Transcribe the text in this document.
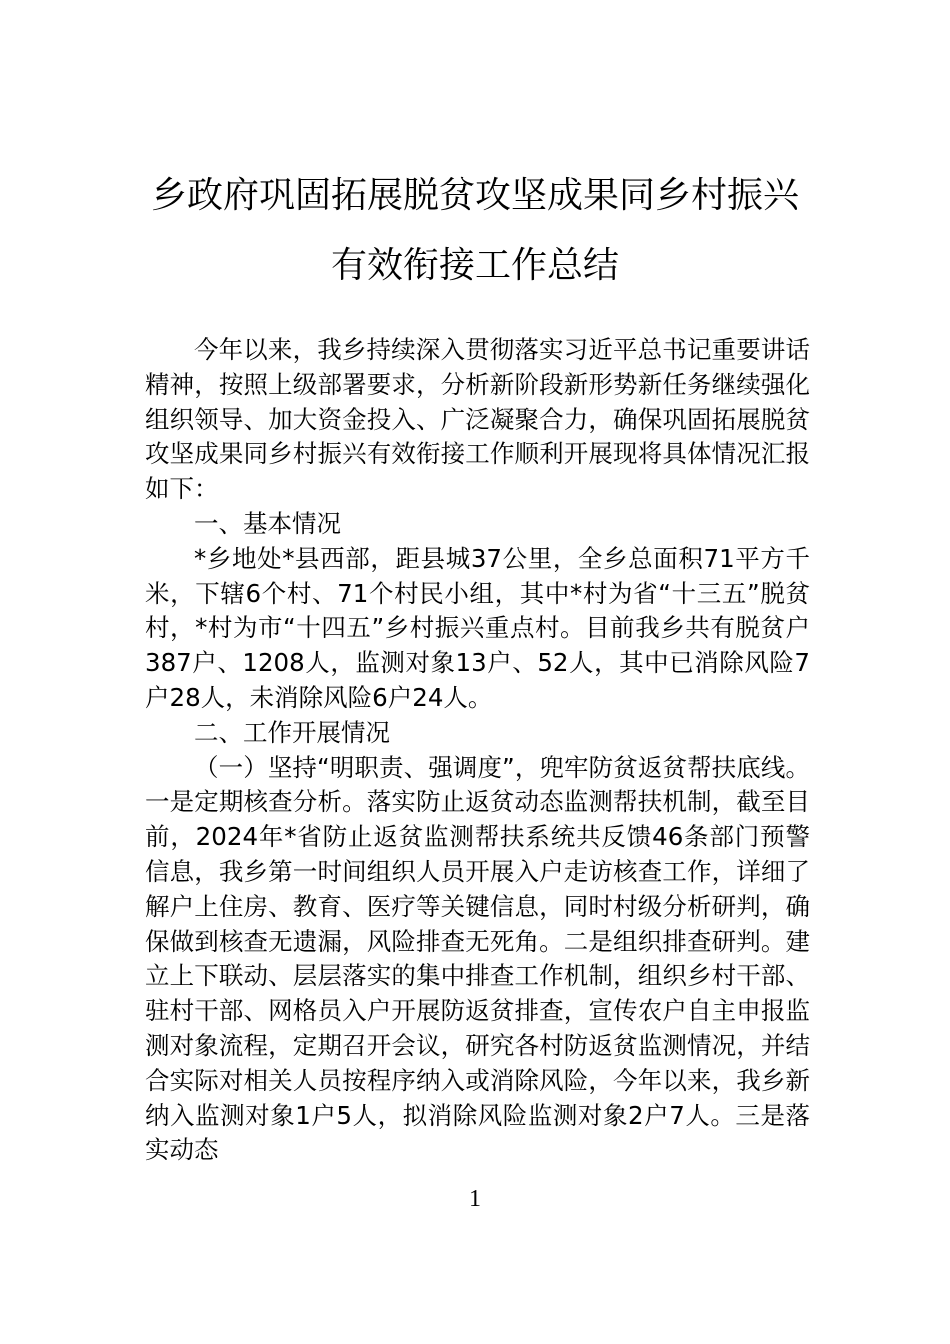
乡政府巩固拓展脱贫攻坚成果同乡村振兴
有效衔接工作总结

今年以来，我乡持续深入贯彻落实习近平总书记重要讲话精神，按照上级部署要求，分析新阶段新形势新任务继续强化组织领导、加大资金投入、广泛凝聚合力，确保巩固拓展脱贫攻坚成果同乡村振兴有效衔接工作顺利开展现将具体情况汇报如下：

一、基本情况

*乡地处*县西部，距县城37公里，全乡总面积71平方千米，下辖6个村、71个村民小组，其中*村为省“十三五”脱贫村，*村为市“十四五”乡村振兴重点村。目前我乡共有脱贫户387户、1208人，监测对象13户、52人，其中已消除风险7户28人，未消除风险6户24人。

二、工作开展情况

（一）坚持“明职责、强调度”，兜牢防贫返贫帮扶底线。一是定期核查分析。落实防止返贫动态监测帮扶机制，截至目前，2024年*省防止返贫监测帮扶系统共反馈46条部门预警信息，我乡第一时间组织人员开展入户走访核查工作，详细了解户上住房、教育、医疗等关键信息，同时村级分析研判，确保做到核查无遗漏，风险排查无死角。二是组织排查研判。建立上下联动、层层落实的集中排查工作机制，组织乡村干部、驻村干部、网格员入户开展防返贫排查，宣传农户自主申报监测对象流程，定期召开会议，研究各村防返贫监测情况，并结合实际对相关人员按程序纳入或消除风险，今年以来，我乡新纳入监测对象1户5人，拟消除风险监测对象2户7人。三是落实动态

1
